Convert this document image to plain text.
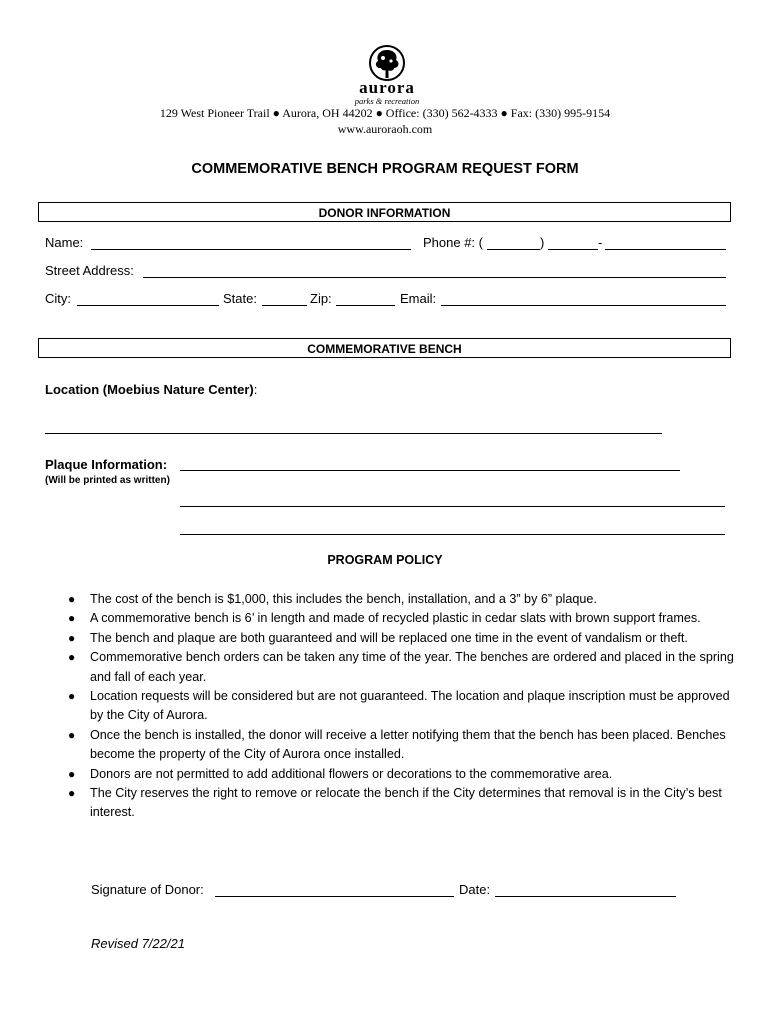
aurora
parks & recreation
129 West Pioneer Trail ● Aurora, OH 44202 ● Office: (330) 562-4333 ● Fax: (330) 995-9154
www.auroraoh.com
COMMEMORATIVE BENCH PROGRAM REQUEST FORM
DONOR INFORMATION
Name:	Phone #: (	)	-
Street Address:
City:	State:	Zip:	Email:
COMMEMORATIVE BENCH
Location (Moebius Nature Center):
Plaque Information:
(Will be printed as written)
PROGRAM POLICY
● The cost of the bench is $1,000, this includes the bench, installation, and a 3” by 6” plaque.
● A commemorative bench is 6’ in length and made of recycled plastic in cedar slats with brown support frames.
● The bench and plaque are both guaranteed and will be replaced one time in the event of vandalism or theft.
● Commemorative bench orders can be taken any time of the year. The benches are ordered and placed in the spring and fall of each year.
● Location requests will be considered but are not guaranteed. The location and plaque inscription must be approved by the City of Aurora.
● Once the bench is installed, the donor will receive a letter notifying them that the bench has been placed. Benches become the property of the City of Aurora once installed.
● Donors are not permitted to add additional flowers or decorations to the commemorative area.
● The City reserves the right to remove or relocate the bench if the City determines that removal is in the City’s best interest.
Signature of Donor:	Date:
Revised 7/22/21
